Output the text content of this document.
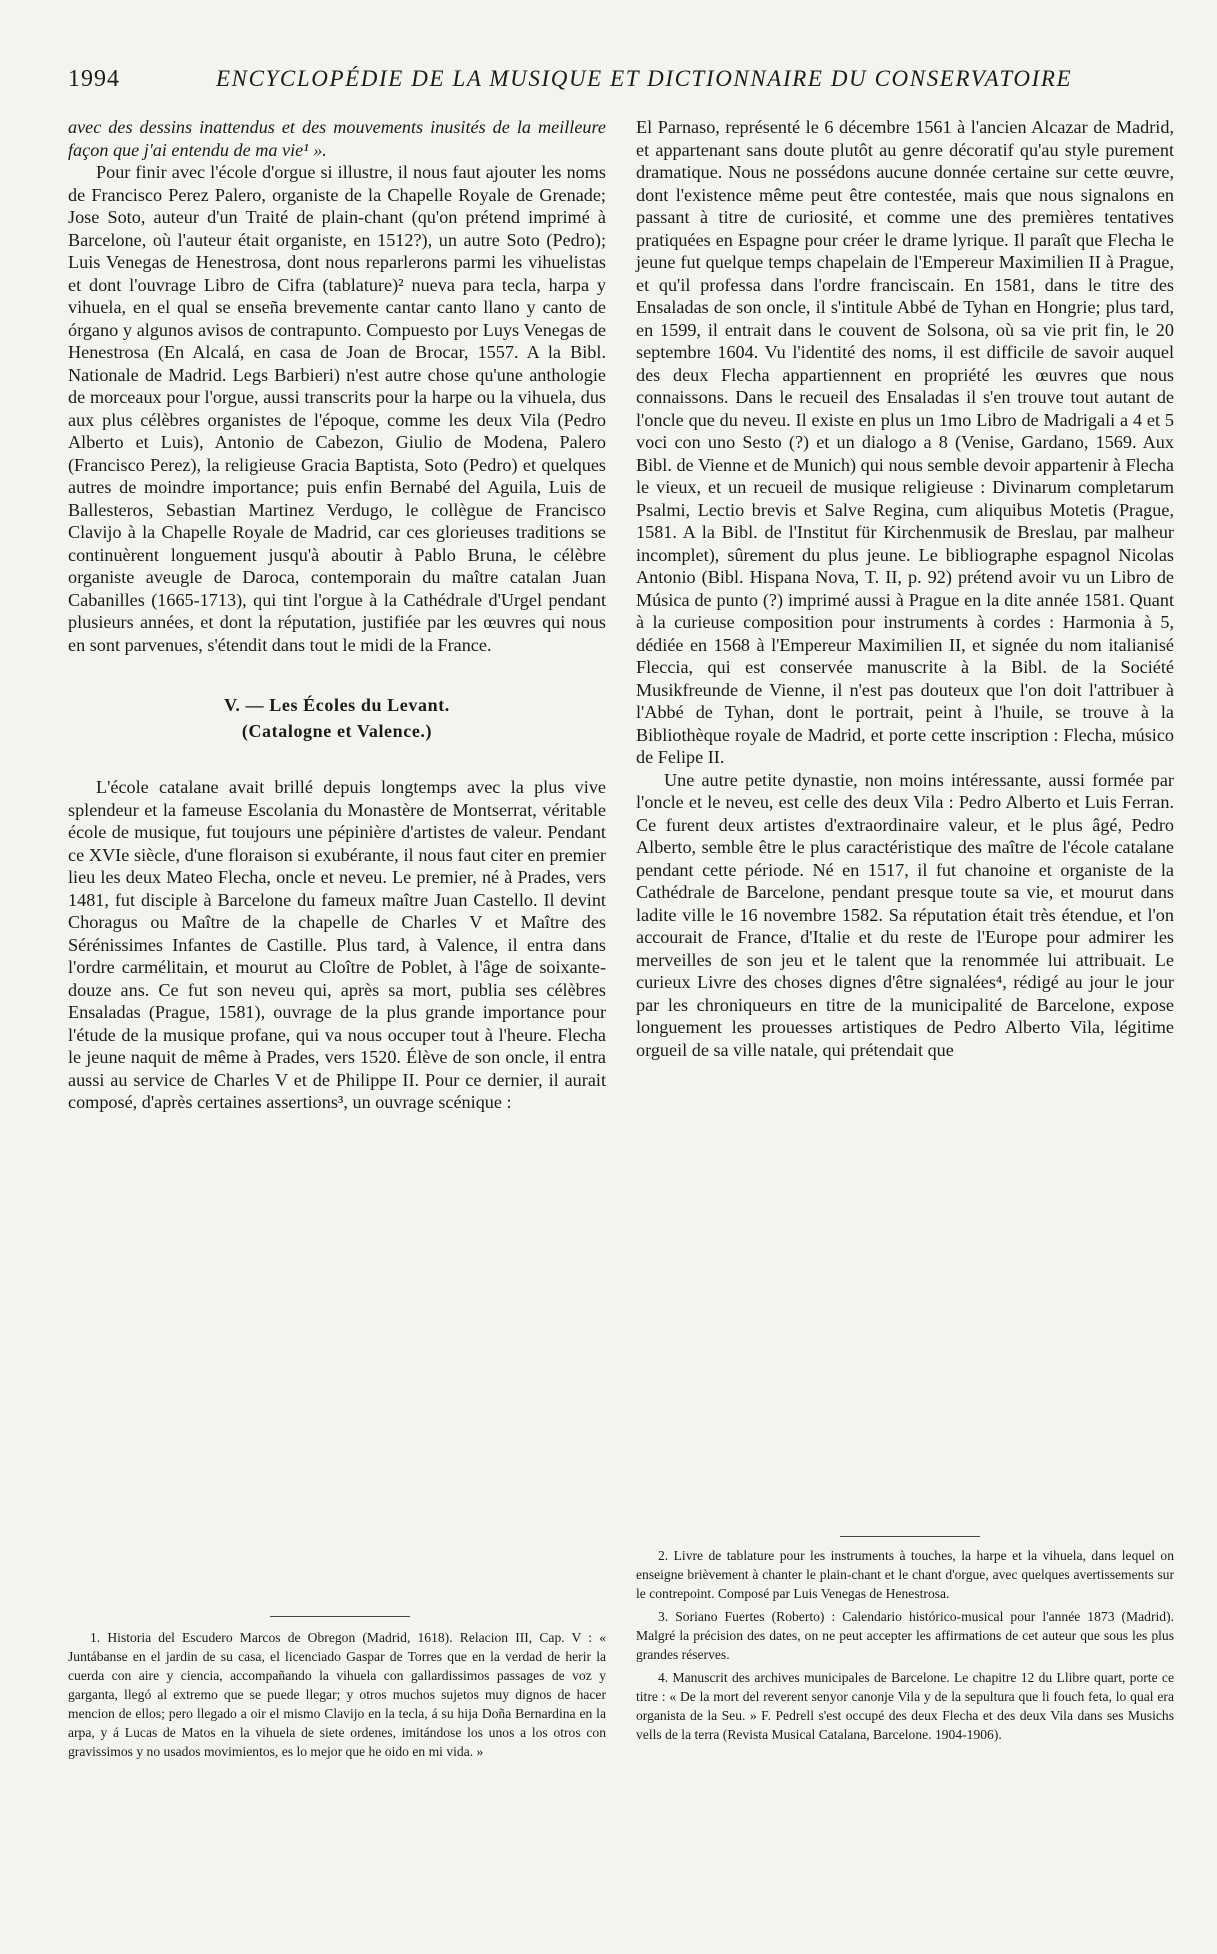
1994	ENCYCLOPÉDIE DE LA MUSIQUE ET DICTIONNAIRE DU CONSERVATOIRE

avec des dessins inattendus et des mouvements inusités de la meilleure façon que j'ai entendu de ma vie¹ ».

Pour finir avec l'école d'orgue si illustre, il nous faut ajouter les noms de Francisco Perez Palero, organiste de la Chapelle Royale de Grenade; Jose Soto, auteur d'un Traité de plain-chant (qu'on prétend imprimé à Barcelone, où l'auteur était organiste, en 1512?), un autre Soto (Pedro); Luis Venegas de Henestrosa, dont nous reparlerons parmi les vihuelistas et dont l'ouvrage Libro de Cifra (tablature)² nueva para tecla, harpa y vihuela, en el qual se enseña brevemente cantar canto llano y canto de órgano y algunos avisos de contrapunto. Compuesto por Luys Venegas de Henestrosa (En Alcalá, en casa de Joan de Brocar, 1557. A la Bibl. Nationale de Madrid. Legs Barbieri) n'est autre chose qu'une anthologie de morceaux pour l'orgue, aussi transcrits pour la harpe ou la vihuela, dus aux plus célèbres organistes de l'époque, comme les deux Vila (Pedro Alberto et Luis), Antonio de Cabezon, Giulio de Modena, Palero (Francisco Perez), la religieuse Gracia Baptista, Soto (Pedro) et quelques autres de moindre importance; puis enfin Bernabé del Aguila, Luis de Ballesteros, Sebastian Martinez Verdugo, le collègue de Francisco Clavijo à la Chapelle Royale de Madrid, car ces glorieuses traditions se continuèrent longuement jusqu'à aboutir à Pablo Bruna, le célèbre organiste aveugle de Daroca, contemporain du maître catalan Juan Cabanilles (1665-1713), qui tint l'orgue à la Cathédrale d'Urgel pendant plusieurs années, et dont la réputation, justifiée par les œuvres qui nous en sont parvenues, s'étendit dans tout le midi de la France.

V. — Les Écoles du Levant.
(Catalogne et Valence.)

L'école catalane avait brillé depuis longtemps avec la plus vive splendeur et la fameuse Escolania du Monastère de Montserrat, véritable école de musique, fut toujours une pépinière d'artistes de valeur. Pendant ce XVIe siècle, d'une floraison si exubérante, il nous faut citer en premier lieu les deux Mateo Flecha, oncle et neveu. Le premier, né à Prades, vers 1481, fut disciple à Barcelone du fameux maître Juan Castello. Il devint Choragus ou Maître de la chapelle de Charles V et Maître des Sérénissimes Infantes de Castille. Plus tard, à Valence, il entra dans l'ordre carmélitain, et mourut au Cloître de Poblet, à l'âge de soixante-douze ans. Ce fut son neveu qui, après sa mort, publia ses célèbres Ensaladas (Prague, 1581), ouvrage de la plus grande importance pour l'étude de la musique profane, qui va nous occuper tout à l'heure. Flecha le jeune naquit de même à Prades, vers 1520. Élève de son oncle, il entra aussi au service de Charles V et de Philippe II. Pour ce dernier, il aurait composé, d'après certaines assertions³, un ouvrage scénique :

El Parnaso, représenté le 6 décembre 1561 à l'ancien Alcazar de Madrid, et appartenant sans doute plutôt au genre décoratif qu'au style purement dramatique. Nous ne possédons aucune donnée certaine sur cette œuvre, dont l'existence même peut être contestée, mais que nous signalons en passant à titre de curiosité, et comme une des premières tentatives pratiquées en Espagne pour créer le drame lyrique. Il paraît que Flecha le jeune fut quelque temps chapelain de l'Empereur Maximilien II à Prague, et qu'il professa dans l'ordre franciscain. En 1581, dans le titre des Ensaladas de son oncle, il s'intitule Abbé de Tyhan en Hongrie; plus tard, en 1599, il entrait dans le couvent de Solsona, où sa vie prit fin, le 20 septembre 1604. Vu l'identité des noms, il est difficile de savoir auquel des deux Flecha appartiennent en propriété les œuvres que nous connaissons. Dans le recueil des Ensaladas il s'en trouve tout autant de l'oncle que du neveu. Il existe en plus un 1mo Libro de Madrigali a 4 et 5 voci con uno Sesto (?) et un dialogo a 8 (Venise, Gardano, 1569. Aux Bibl. de Vienne et de Munich) qui nous semble devoir appartenir à Flecha le vieux, et un recueil de musique religieuse : Divinarum completarum Psalmi, Lectio brevis et Salve Regina, cum aliquibus Motetis (Prague, 1581. A la Bibl. de l'Institut für Kirchenmusik de Breslau, par malheur incomplet), sûrement du plus jeune. Le bibliographe espagnol Nicolas Antonio (Bibl. Hispana Nova, T. II, p. 92) prétend avoir vu un Libro de Música de punto (?) imprimé aussi à Prague en la dite année 1581. Quant à la curieuse composition pour instruments à cordes : Harmonia à 5, dédiée en 1568 à l'Empereur Maximilien II, et signée du nom italianisé Fleccia, qui est conservée manuscrite à la Bibl. de la Société Musikfreunde de Vienne, il n'est pas douteux que l'on doit l'attribuer à l'Abbé de Tyhan, dont le portrait, peint à l'huile, se trouve à la Bibliothèque royale de Madrid, et porte cette inscription : Flecha, músico de Felipe II.

Une autre petite dynastie, non moins intéressante, aussi formée par l'oncle et le neveu, est celle des deux Vila : Pedro Alberto et Luis Ferran. Ce furent deux artistes d'extraordinaire valeur, et le plus âgé, Pedro Alberto, semble être le plus caractéristique des maître de l'école catalane pendant cette période. Né en 1517, il fut chanoine et organiste de la Cathédrale de Barcelone, pendant presque toute sa vie, et mourut dans ladite ville le 16 novembre 1582. Sa réputation était très étendue, et l'on accourait de France, d'Italie et du reste de l'Europe pour admirer les merveilles de son jeu et le talent que la renommée lui attribuait. Le curieux Livre des choses dignes d'être signalées⁴, rédigé au jour le jour par les chroniqueurs en titre de la municipalité de Barcelone, expose longuement les prouesses artistiques de Pedro Alberto Vila, légitime orgueil de sa ville natale, qui prétendait que

1. Historia del Escudero Marcos de Obregon (Madrid, 1618). Relacion III, Cap. V : « Juntábanse en el jardin de su casa, el licenciado Gaspar de Torres que en la verdad de herir la cuerda con aire y ciencia, accompañando la vihuela con gallardissimos passages de voz y garganta, llegó al extremo que se puede llegar; y otros muchos sujetos muy dignos de hacer mencion de ellos; pero llegado a oir el mismo Clavijo en la tecla, á su hija Doña Bernardina en la arpa, y á Lucas de Matos en la vihuela de siete ordenes, imitándose los unos a los otros con gravissimos y no usados movimientos, es lo mejor que he oido en mi vida. »

2. Livre de tablature pour les instruments à touches, la harpe et la vihuela, dans lequel on enseigne brièvement à chanter le plain-chant et le chant d'orgue, avec quelques avertissements sur le contrepoint. Composé par Luis Venegas de Henestrosa.

3. Soriano Fuertes (Roberto) : Calendario histórico-musical pour l'année 1873 (Madrid). Malgré la précision des dates, on ne peut accepter les affirmations de cet auteur que sous les plus grandes réserves.

4. Manuscrit des archives municipales de Barcelone. Le chapitre 12 du Llibre quart, porte ce titre : « De la mort del reverent senyor canonje Vila y de la sepultura que li fouch feta, lo qual era organista de la Seu. » F. Pedrell s'est occupé des deux Flecha et des deux Vila dans ses Musichs vells de la terra (Revista Musical Catalana, Barcelone. 1904-1906).
